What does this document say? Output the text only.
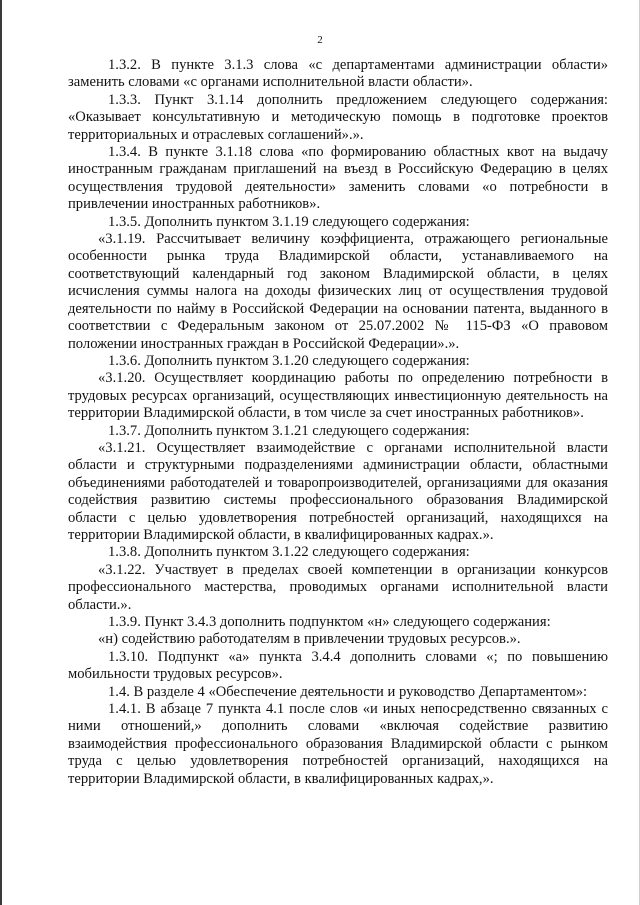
2

1.3.2. В пункте 3.1.3 слова «с департаментами администрации области» заменить словами «с органами исполнительной власти области».

1.3.3. Пункт 3.1.14 дополнить предложением следующего содержания: «Оказывает консультативную и методическую помощь в подготовке проектов территориальных и отраслевых соглашений».».

1.3.4. В пункте 3.1.18 слова «по формированию областных квот на выдачу иностранным гражданам приглашений на въезд в Российскую Федерацию в целях осуществления трудовой деятельности» заменить словами «о потребности в привлечении иностранных работников».

1.3.5. Дополнить пунктом 3.1.19 следующего содержания:

«3.1.19. Рассчитывает величину коэффициента, отражающего региональные особенности рынка труда Владимирской области, устанавливаемого на соответствующий календарный год законом Владимирской области, в целях исчисления суммы налога на доходы физических лиц от осуществления трудовой деятельности по найму в Российской Федерации на основании патента, выданного в соответствии с Федеральным законом от 25.07.2002 № 115-ФЗ «О правовом положении иностранных граждан в Российской Федерации».».

1.3.6. Дополнить пунктом 3.1.20 следующего содержания:

«3.1.20. Осуществляет координацию работы по определению потребности в трудовых ресурсах организаций, осуществляющих инвестиционную деятельность на территории Владимирской области, в том числе за счет иностранных работников».

1.3.7. Дополнить пунктом 3.1.21 следующего содержания:

«3.1.21. Осуществляет взаимодействие с органами исполнительной власти области и структурными подразделениями администрации области, областными объединениями работодателей и товаропроизводителей, организациями для оказания содействия развитию системы профессионального образования Владимирской области с целью удовлетворения потребностей организаций, находящихся на территории Владимирской области, в квалифицированных кадрах.».

1.3.8. Дополнить пунктом 3.1.22 следующего содержания:

«3.1.22. Участвует в пределах своей компетенции в организации конкурсов профессионального мастерства, проводимых органами исполнительной власти области.».

1.3.9. Пункт 3.4.3 дополнить подпунктом «н» следующего содержания:

«н) содействию работодателям в привлечении трудовых ресурсов.».

1.3.10. Подпункт «а» пункта 3.4.4 дополнить словами «; по повышению мобильности трудовых ресурсов».

1.4. В разделе 4 «Обеспечение деятельности и руководство Департаментом»:

1.4.1. В абзаце 7 пункта 4.1 после слов «и иных непосредственно связанных с ними отношений,» дополнить словами «включая содействие развитию взаимодействия профессионального образования Владимирской области с рынком труда с целью удовлетворения потребностей организаций, находящихся на территории Владимирской области, в квалифицированных кадрах,».
